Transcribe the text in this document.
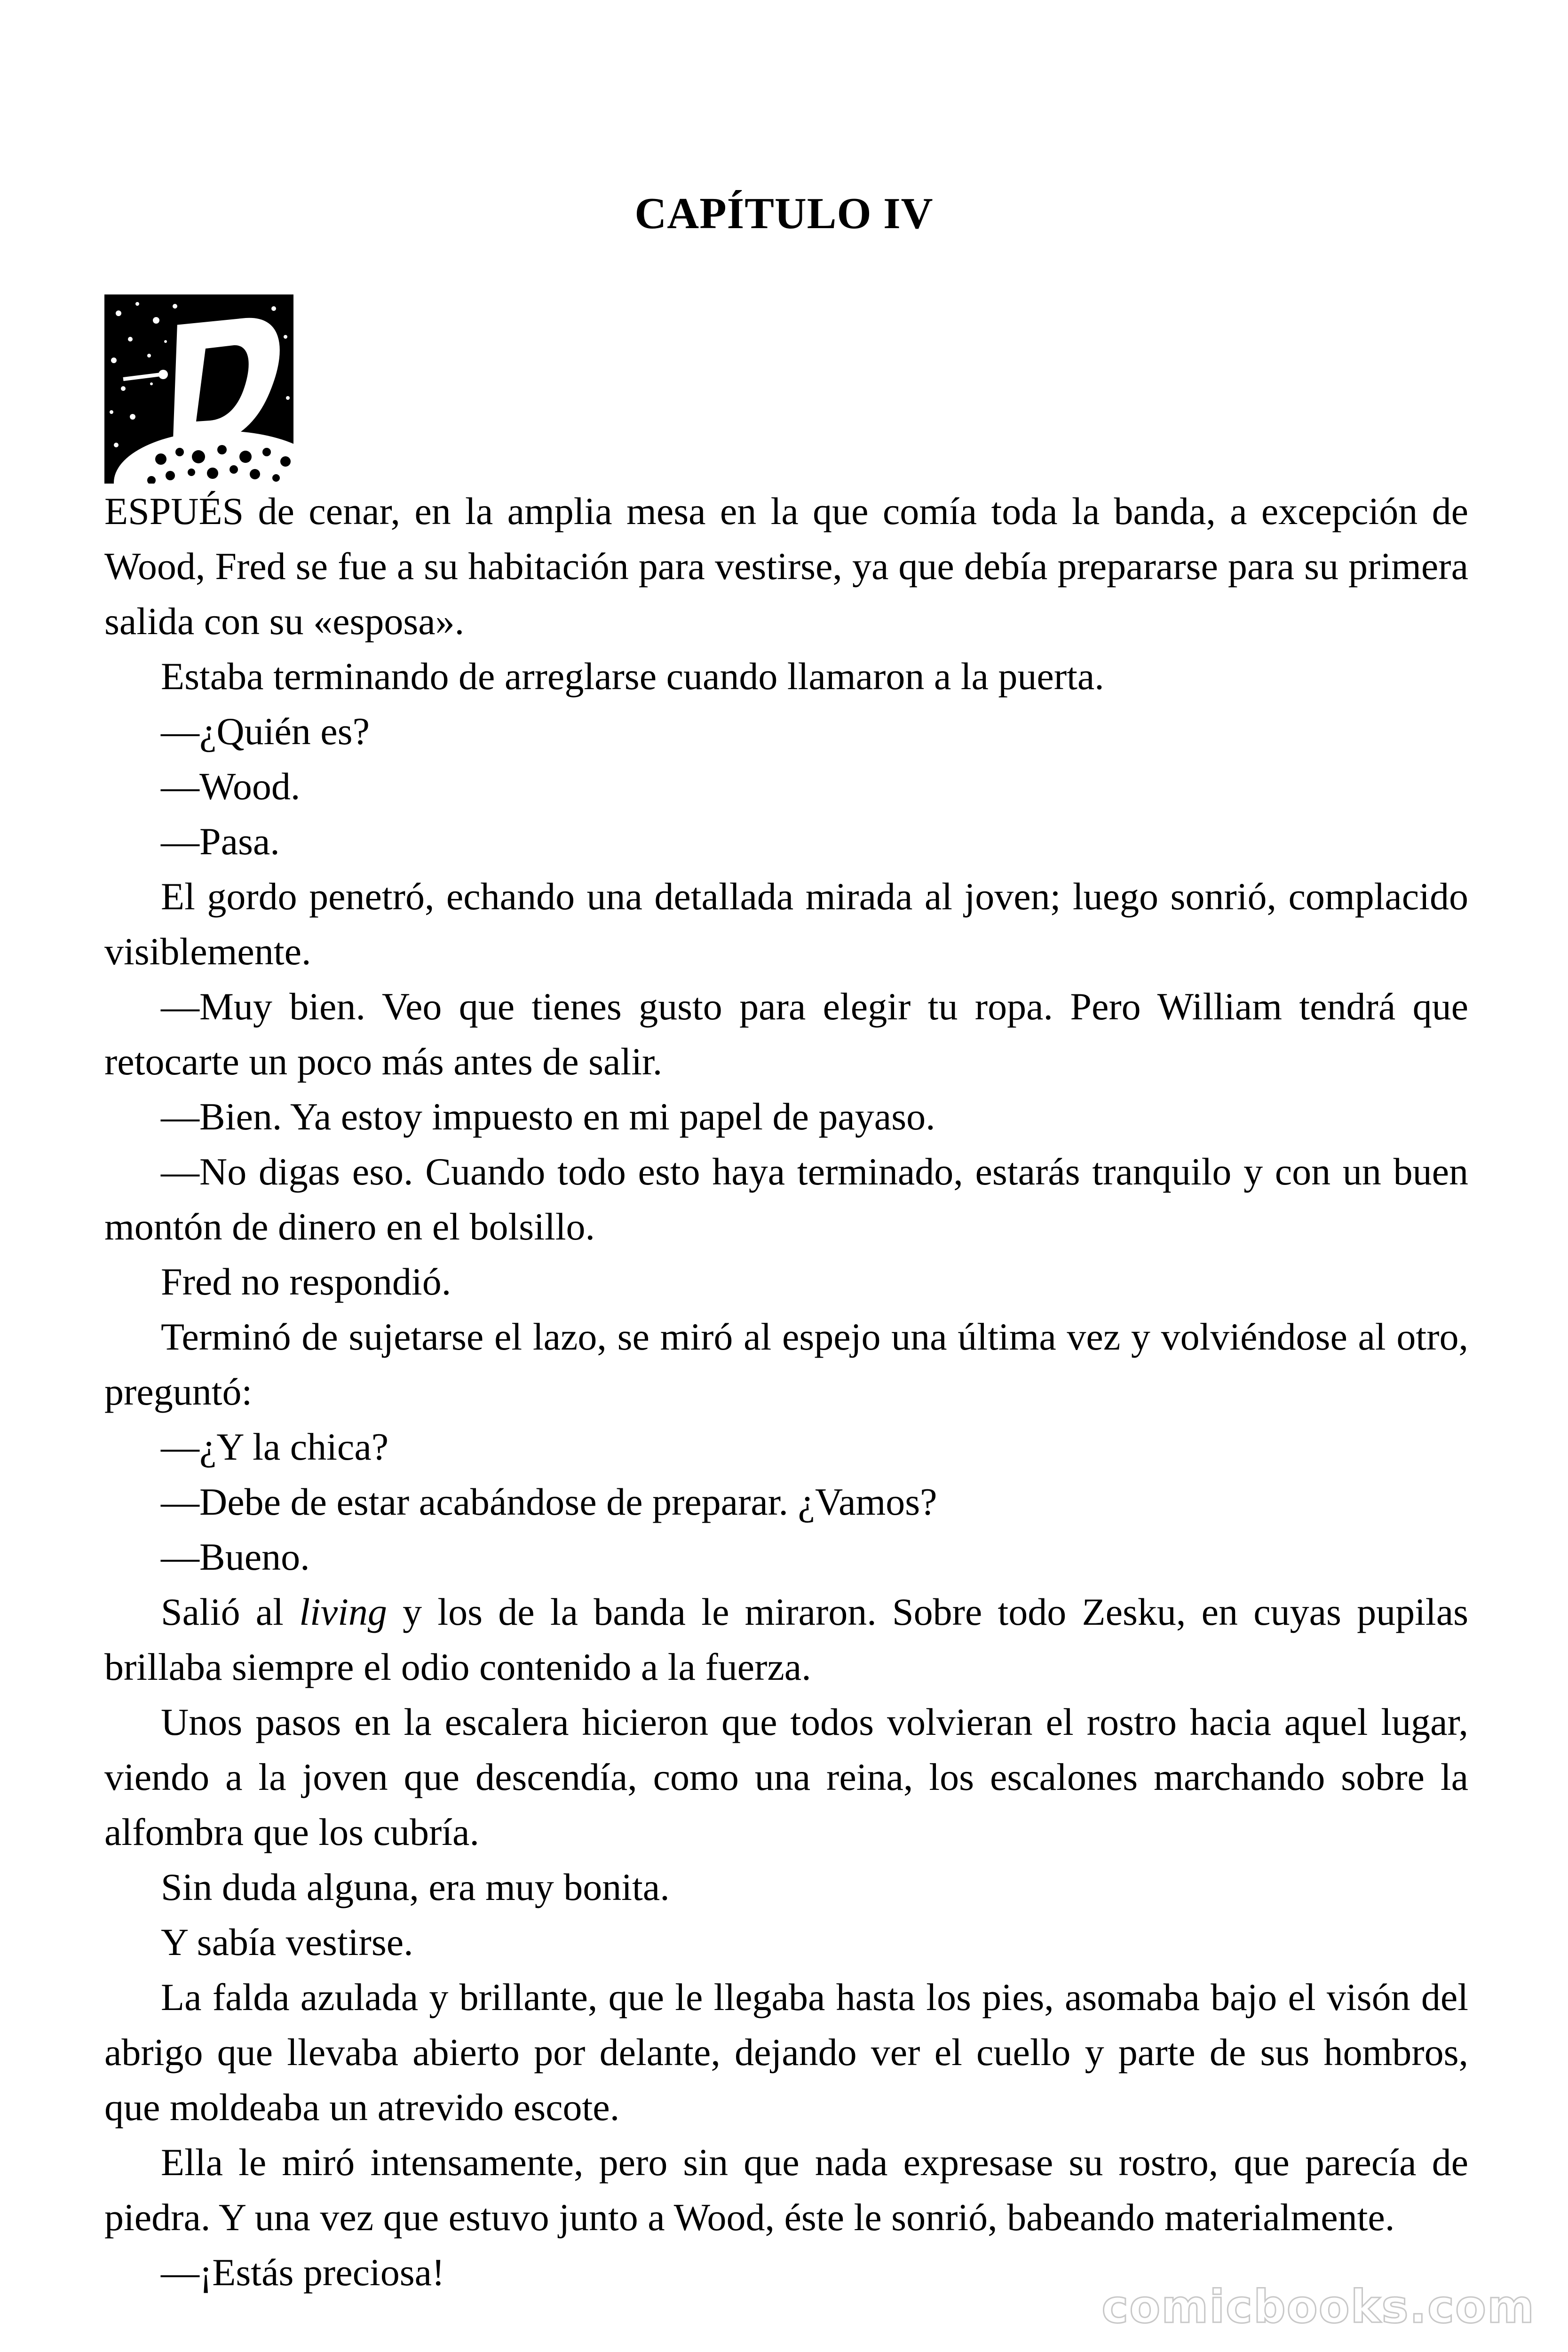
CAPÍTULO IV

ESPUÉS de cenar, en la amplia mesa en la que comía toda la banda, a excepción de Wood, Fred se fue a su habitación para vestirse, ya que debía prepararse para su primera salida con su «esposa».

Estaba terminando de arreglarse cuando llamaron a la puerta.

—¿Quién es?

—Wood.

—Pasa.

El gordo penetró, echando una detallada mirada al joven; luego sonrió, complacido visiblemente.

—Muy bien. Veo que tienes gusto para elegir tu ropa. Pero William tendrá que retocarte un poco más antes de salir.

—Bien. Ya estoy impuesto en mi papel de payaso.

—No digas eso. Cuando todo esto haya terminado, estarás tranquilo y con un buen montón de dinero en el bolsillo.

Fred no respondió.

Terminó de sujetarse el lazo, se miró al espejo una última vez y volviéndose al otro, preguntó:

—¿Y la chica?

—Debe de estar acabándose de preparar. ¿Vamos?

—Bueno.

Salió al living y los de la banda le miraron. Sobre todo Zesku, en cuyas pupilas brillaba siempre el odio contenido a la fuerza.

Unos pasos en la escalera hicieron que todos volvieran el rostro hacia aquel lugar, viendo a la joven que descendía, como una reina, los escalones marchando sobre la alfombra que los cubría.

Sin duda alguna, era muy bonita.

Y sabía vestirse.

La falda azulada y brillante, que le llegaba hasta los pies, asomaba bajo el visón del abrigo que llevaba abierto por delante, dejando ver el cuello y parte de sus hombros, que moldeaba un atrevido escote.

Ella le miró intensamente, pero sin que nada expresase su rostro, que parecía de piedra. Y una vez que estuvo junto a Wood, éste le sonrió, babeando materialmente.

—¡Estás preciosa!

comicbooks.com
